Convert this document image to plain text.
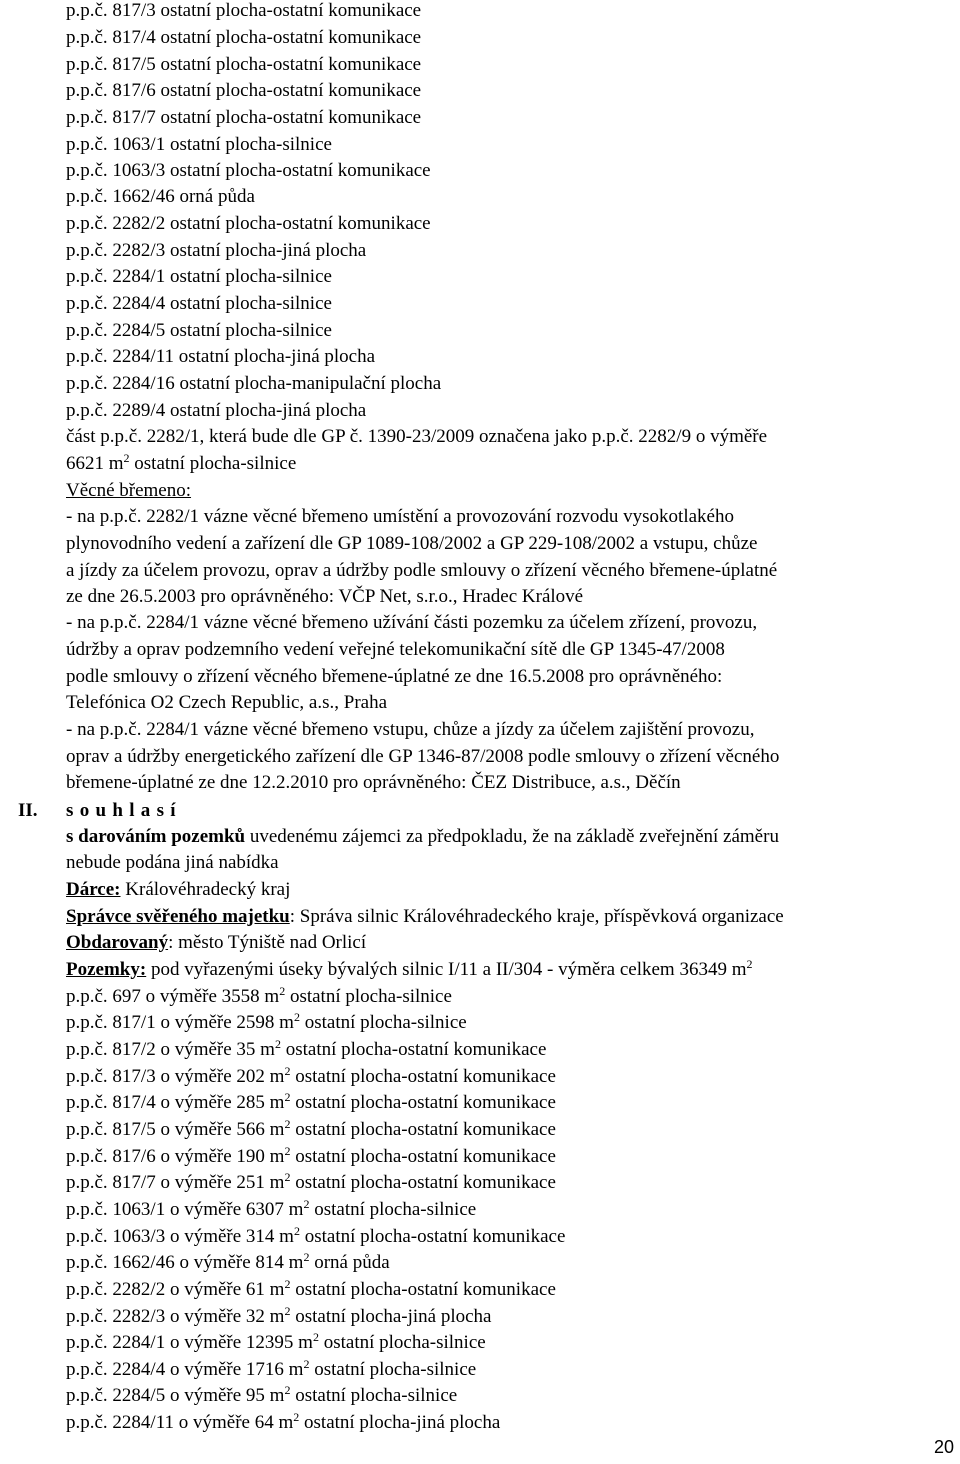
p.p.č. 817/3 ostatní plocha-ostatní komunikace
p.p.č. 817/4 ostatní plocha-ostatní komunikace
p.p.č. 817/5 ostatní plocha-ostatní komunikace
p.p.č. 817/6 ostatní plocha-ostatní komunikace
p.p.č. 817/7 ostatní plocha-ostatní komunikace
p.p.č. 1063/1 ostatní plocha-silnice
p.p.č. 1063/3 ostatní plocha-ostatní komunikace
p.p.č. 1662/46 orná půda
p.p.č. 2282/2 ostatní plocha-ostatní komunikace
p.p.č. 2282/3 ostatní plocha-jiná plocha
p.p.č. 2284/1 ostatní plocha-silnice
p.p.č. 2284/4 ostatní plocha-silnice
p.p.č. 2284/5 ostatní plocha-silnice
p.p.č. 2284/11 ostatní plocha-jiná plocha
p.p.č. 2284/16 ostatní plocha-manipulační plocha
p.p.č. 2289/4 ostatní plocha-jiná plocha
část p.p.č. 2282/1, která bude dle GP č. 1390-23/2009 označena jako p.p.č. 2282/9 o výměře
6621 $m^2$ ostatní plocha-silnice
Věcné břemeno:
- na p.p.č. 2282/1 vázne věcné břemeno umístění a provozování rozvodu vysokotlakého
plynovodního vedení a zařízení dle GP 1089-108/2002 a GP 229-108/2002 a vstupu, chůze
a jízdy za účelem provozu, oprav a údržby podle smlouvy o zřízení věcného břemene-úplatné
ze dne 26.5.2003 pro oprávněného: VČP Net, s.r.o., Hradec Králové
- na p.p.č. 2284/1 vázne věcné břemeno užívání části pozemku za účelem zřízení, provozu,
údržby a oprav podzemního vedení veřejné telekomunikační sítě dle GP 1345-47/2008
podle smlouvy o zřízení věcného břemene-úplatné ze dne 16.5.2008 pro oprávněného:
Telefónica O2 Czech Republic, a.s., Praha
- na p.p.č. 2284/1 vázne věcné břemeno vstupu, chůze a jízdy za účelem zajištění provozu,
oprav a údržby energetického zařízení dle GP 1346-87/2008 podle smlouvy o zřízení věcného
břemene-úplatné ze dne 12.2.2010 pro oprávněného: ČEZ Distribuce, a.s., Děčín
II. souhlasí
s darováním pozemků uvedenému zájemci za předpokladu, že na základě zveřejnění záměru
nebude podána jiná nabídka
Dárce: Královéhradecký kraj
Správce svěřeného majetku: Správa silnic Královéhradeckého kraje, příspěvková organizace
Obdarovaný: město Týniště nad Orlicí
Pozemky: pod vyřazenými úseky bývalých silnic I/11 a II/304 - výměra celkem 36349 $m^2$
p.p.č. 697 o výměře 3558 $m^2$ ostatní plocha-silnice
p.p.č. 817/1 o výměře 2598 $m^2$ ostatní plocha-silnice
p.p.č. 817/2 o výměře 35 $m^2$ ostatní plocha-ostatní komunikace
p.p.č. 817/3 o výměře 202 $m^2$ ostatní plocha-ostatní komunikace
p.p.č. 817/4 o výměře 285 $m^2$ ostatní plocha-ostatní komunikace
p.p.č. 817/5 o výměře 566 $m^2$ ostatní plocha-ostatní komunikace
p.p.č. 817/6 o výměře 190 $m^2$ ostatní plocha-ostatní komunikace
p.p.č. 817/7 o výměře 251 $m^2$ ostatní plocha-ostatní komunikace
p.p.č. 1063/1 o výměře 6307 $m^2$ ostatní plocha-silnice
p.p.č. 1063/3 o výměře 314 $m^2$ ostatní plocha-ostatní komunikace
p.p.č. 1662/46 o výměře 814 $m^2$ orná půda
p.p.č. 2282/2 o výměře 61 $m^2$ ostatní plocha-ostatní komunikace
p.p.č. 2282/3 o výměře 32 $m^2$ ostatní plocha-jiná plocha
p.p.č. 2284/1 o výměře 12395 $m^2$ ostatní plocha-silnice
p.p.č. 2284/4 o výměře 1716 $m^2$ ostatní plocha-silnice
p.p.č. 2284/5 o výměře 95 $m^2$ ostatní plocha-silnice
p.p.č. 2284/11 o výměře 64 $m^2$ ostatní plocha-jiná plocha
20
